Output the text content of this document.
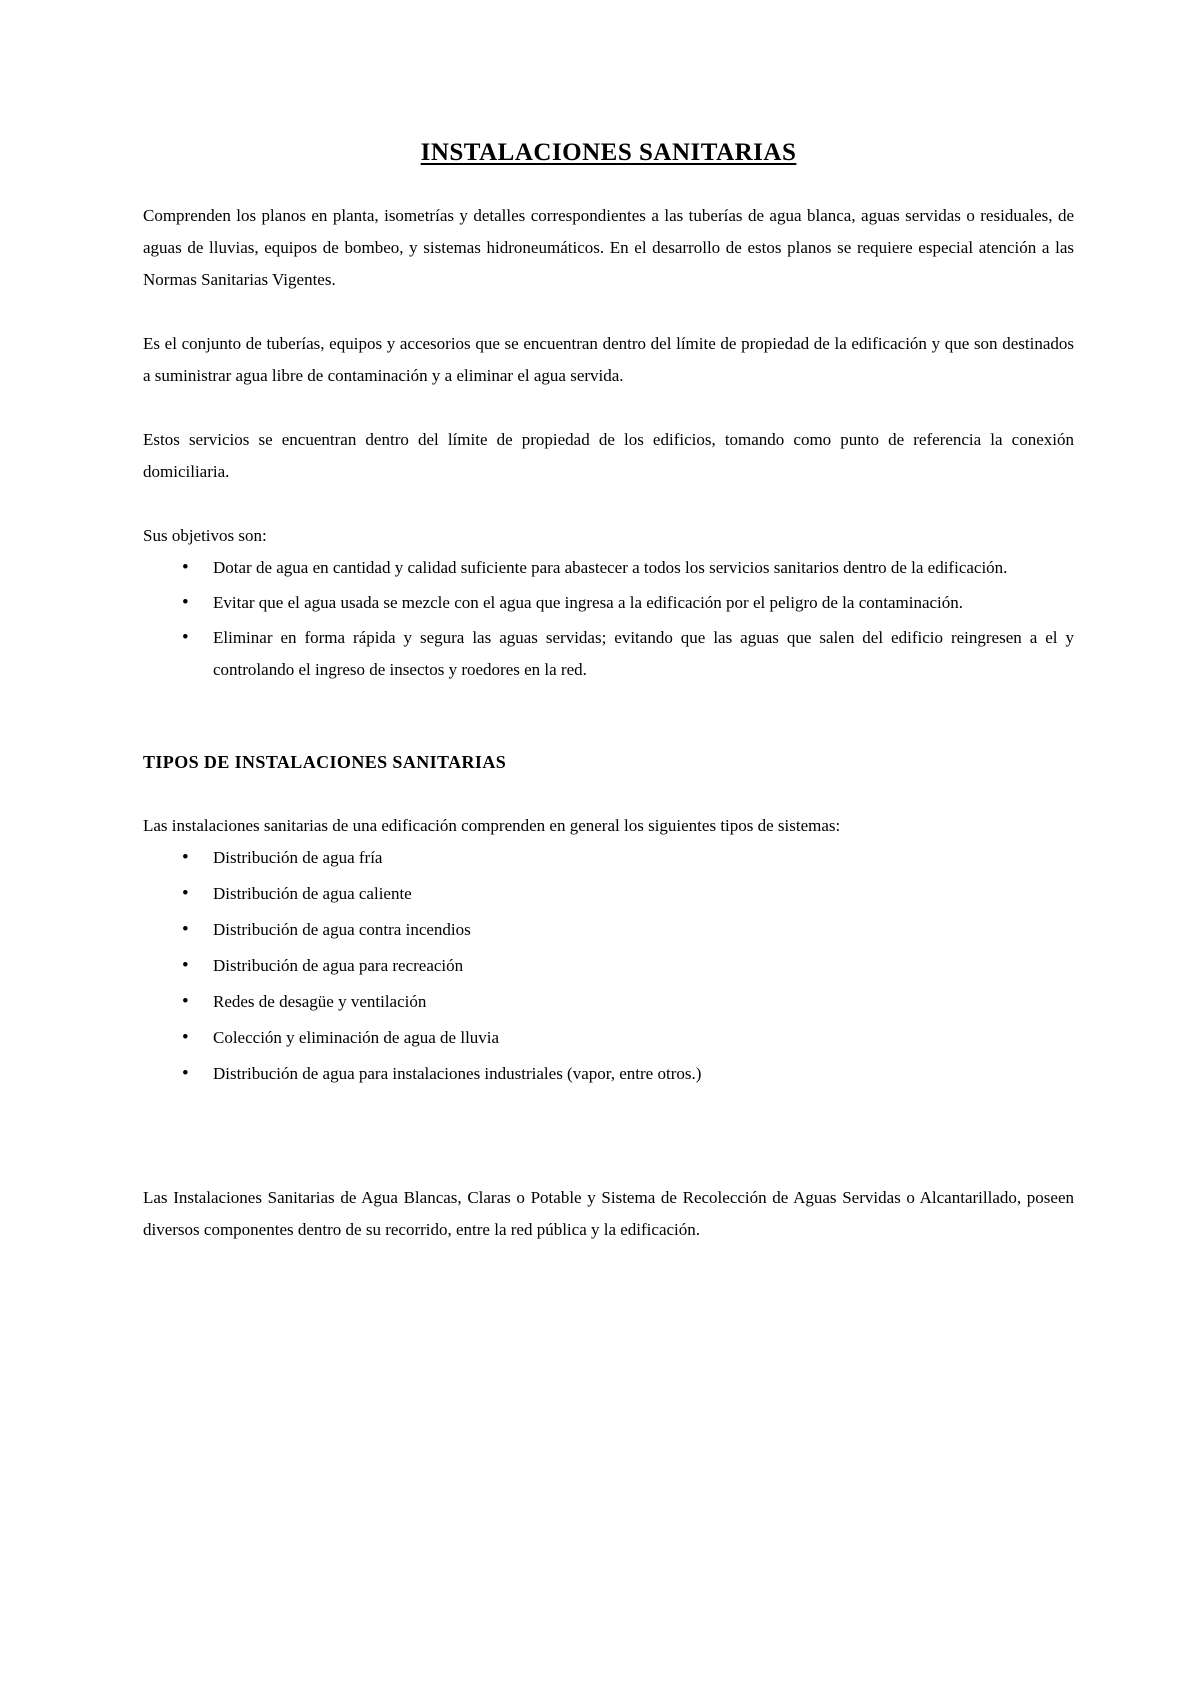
INSTALACIONES SANITARIAS

Comprenden los planos en planta, isometrías y detalles correspondientes a las tuberías de agua blanca, aguas servidas o residuales, de aguas de lluvias, equipos de bombeo, y sistemas hidroneumáticos. En el desarrollo de estos planos se requiere especial atención a las Normas Sanitarias Vigentes.

Es el conjunto de tuberías, equipos y accesorios que se encuentran dentro del límite de propiedad de la edificación y que son destinados a suministrar agua libre de contaminación y a eliminar el agua servida.

Estos servicios se encuentran dentro del límite de propiedad de los edificios, tomando como punto de referencia la conexión domiciliaria.

Sus objetivos son:

• Dotar de agua en cantidad y calidad suficiente para abastecer a todos los servicios sanitarios dentro de la edificación.
• Evitar que el agua usada se mezcle con el agua que ingresa a la edificación por el peligro de la contaminación.
• Eliminar en forma rápida y segura las aguas servidas; evitando que las aguas que salen del edificio reingresen a el y controlando el ingreso de insectos y roedores en la red.
TIPOS DE INSTALACIONES SANITARIAS

Las instalaciones sanitarias de una edificación comprenden en general los siguientes tipos de sistemas:

• Distribución de agua fría
• Distribución de agua caliente
• Distribución de agua contra incendios
• Distribución de agua para recreación
• Redes de desagüe y ventilación
• Colección y eliminación de agua de lluvia
• Distribución de agua para instalaciones industriales (vapor, entre otros.)

Las Instalaciones Sanitarias de Agua Blancas, Claras o Potable y Sistema de Recolección de Aguas Servidas o Alcantarillado, poseen diversos componentes dentro de su recorrido, entre la red pública y la edificación.
